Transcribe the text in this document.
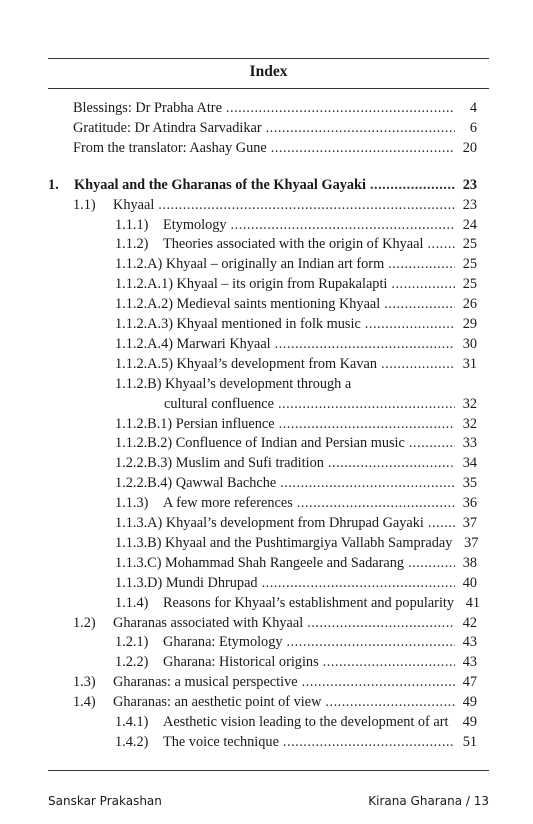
Index
Blessings: Dr Prabha Atre .....	4
Gratitude: Dr Atindra Sarvadikar .....	6
From the translator: Aashay Gune .....	20
1.	Khyaal and the Gharanas of the Khyaal Gayaki .....	23
1.1)	Khyaal .....	23
1.1.1)	Etymology .....	24
1.1.2)	Theories associated with the origin of Khyaal .....	25
1.1.2.A) Khyaal – originally an Indian art form .....	25
1.1.2.A.1) Khyaal – its origin from Rupakalapti .....	25
1.1.2.A.2) Medieval saints mentioning Khyaal .....	26
1.1.2.A.3) Khyaal mentioned in folk music .....	29
1.1.2.A.4) Marwari Khyaal .....	30
1.1.2.A.5) Khyaal’s development from Kavan .....	31
1.1.2.B) Khyaal’s development through a
cultural confluence .....	32
1.1.2.B.1) Persian influence .....	32
1.1.2.B.2) Confluence of Indian and Persian music .....	33
1.2.2.B.3) Muslim and Sufi tradition .....	34
1.2.2.B.4) Qawwal Bachche .....	35
1.1.3)	A few more references .....	36
1.1.3.A) Khyaal’s development from Dhrupad Gayaki .....	37
1.1.3.B) Khyaal and the Pushtimargiya Vallabh Sampraday 37
1.1.3.C) Mohammad Shah Rangeele and Sadarang .....	38
1.1.3.D) Mundi Dhrupad .....	40
1.1.4)	Reasons for Khyaal’s establishment and popularity 41
1.2)	Gharanas associated with Khyaal .....	42
1.2.1)	Gharana: Etymology .....	43
1.2.2)	Gharana: Historical origins .....	43
1.3)	Gharanas: a musical perspective .....	47
1.4)	Gharanas: an aesthetic point of view .....	49
1.4.1)	Aesthetic vision leading to the development of art 49
1.4.2)	The voice technique .....	51
Sanskar Prakashan	Kirana Gharana / 13
